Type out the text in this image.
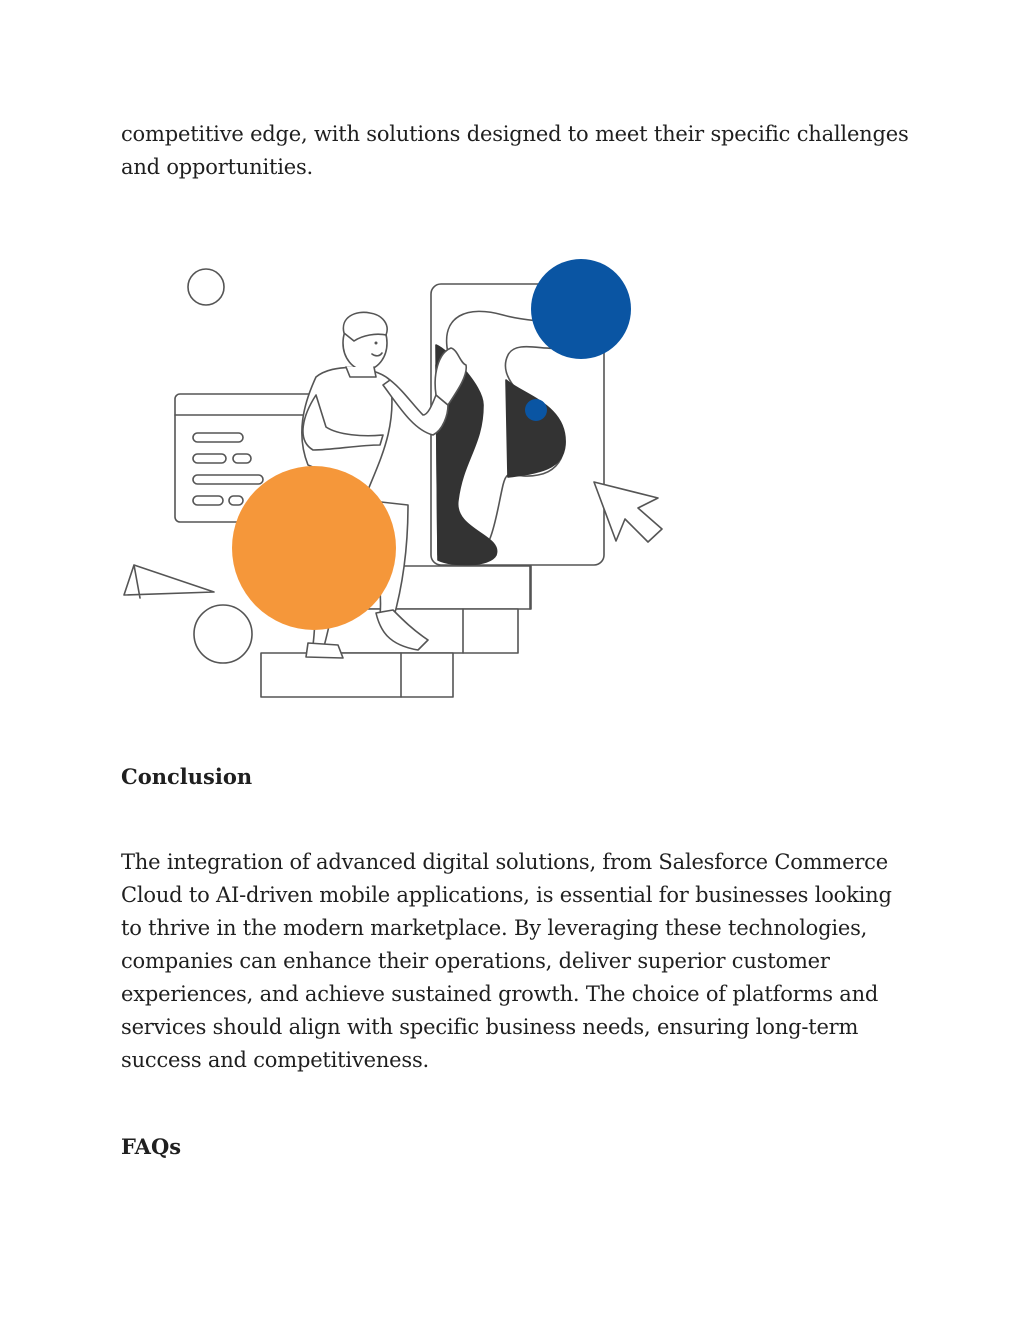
competitive edge, with solutions designed to meet their specific challenges and opportunities.

Conclusion

The integration of advanced digital solutions, from Salesforce Commerce Cloud to AI-driven mobile applications, is essential for businesses looking to thrive in the modern marketplace. By leveraging these technologies, companies can enhance their operations, deliver superior customer experiences, and achieve sustained growth. The choice of platforms and services should align with specific business needs, ensuring long-term success and competitiveness.

FAQs
